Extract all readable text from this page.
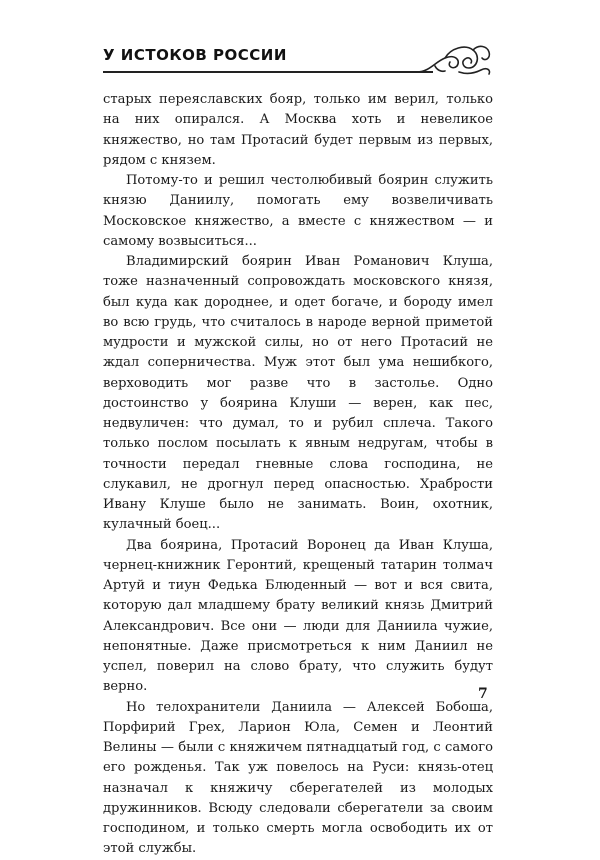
У ИСТОКОВ РОССИИ

старых переяславских бояр, только им верил, только на них опирался. А Москва хоть и невеликое княжество, но там Протасий будет первым из первых, рядом с князем.

Потому-то и решил честолюбивый боярин служить князю Даниилу, помогать ему возвеличивать Московское княжество, а вместе с княжеством — и самому возвыситься...

Владимирский боярин Иван Романович Клуша, тоже назначенный сопровождать московского князя, был куда как дороднее, и одет богаче, и бороду имел во всю грудь, что считалось в народе верной приметой мудрости и мужской силы, но от него Протасий не ждал соперничества. Муж этот был ума нешибкого, верховодить мог разве что в застолье. Одно достоинство у боярина Клуши — верен, как пес, недвуличен: что думал, то и рубил сплеча. Такого только послом посылать к явным недругам, чтобы в точности передал гневные слова господина, не слукавил, не дрогнул перед опасностью. Храбрости Ивану Клуше было не занимать. Воин, охотник, кулачный боец...

Два боярина, Протасий Воронец да Иван Клуша, чернец-книжник Геронтий, крещеный татарин толмач Артуй и тиун Федька Блюденный — вот и вся свита, которую дал младшему брату великий князь Дмитрий Александрович. Все они — люди для Даниила чужие, непонятные. Даже присмотреться к ним Даниил не успел, поверил на слово брату, что служить будут верно.

Но телохранители Даниила — Алексей Бобоша, Порфирий Грех, Ларион Юла, Семен и Леонтий Велины — были с княжичем пятнадцатый год, с самого его рожденья. Так уж повелось на Руси: князь-отец назначал к княжичу сберегателей из молодых дружинников. Всюду следовали сберегатели за своим господином, и только смерть могла освободить их от этой службы.

7
